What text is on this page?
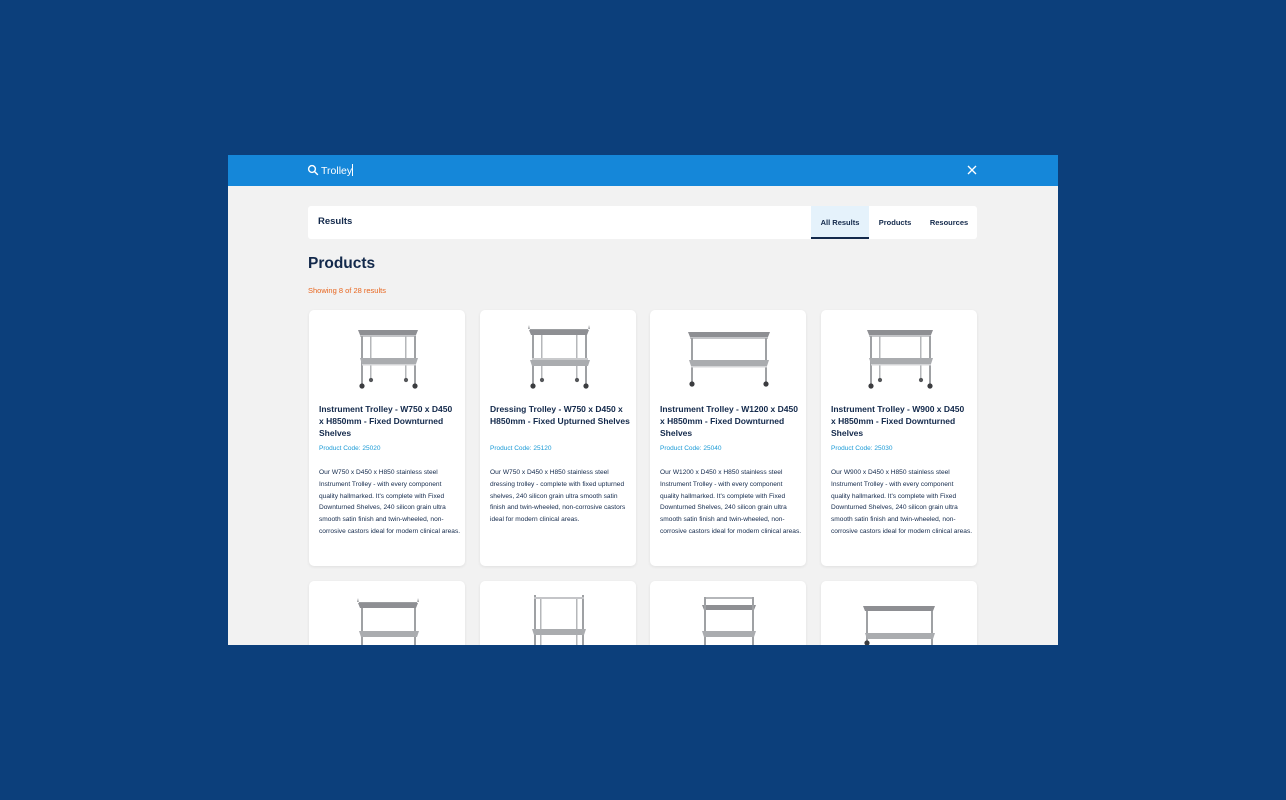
Trolley
Results	All Results	Products	Resources
Products
Showing 8 of 28 results
Instrument Trolley - W750 x D450 x H850mm - Fixed Downturned Shelves
Product Code: 25020
Our W750 x D450 x H850 stainless steel Instrument Trolley - with every component quality hallmarked. It's complete with Fixed Downturned Shelves, 240 silicon grain ultra smooth satin finish and twin-wheeled, non-corrosive castors ideal for modern clinical areas.
Dressing Trolley - W750 x D450 x H850mm - Fixed Upturned Shelves
Product Code: 25120
Our W750 x D450 x H850 stainless steel dressing trolley - complete with fixed upturned shelves, 240 silicon grain ultra smooth satin finish and twin-wheeled, non-corrosive castors ideal for modern clinical areas.
Instrument Trolley - W1200 x D450 x H850mm - Fixed Downturned Shelves
Product Code: 25040
Our W1200 x D450 x H850 stainless steel Instrument Trolley - with every component quality hallmarked. It's complete with Fixed Downturned Shelves, 240 silicon grain ultra smooth satin finish and twin-wheeled, non-corrosive castors ideal for modern clinical areas.
Instrument Trolley - W900 x D450 x H850mm - Fixed Downturned Shelves
Product Code: 25030
Our W900 x D450 x H850 stainless steel Instrument Trolley - with every component quality hallmarked. It's complete with Fixed Downturned Shelves, 240 silicon grain ultra smooth satin finish and twin-wheeled, non-corrosive castors ideal for modern clinical areas.
